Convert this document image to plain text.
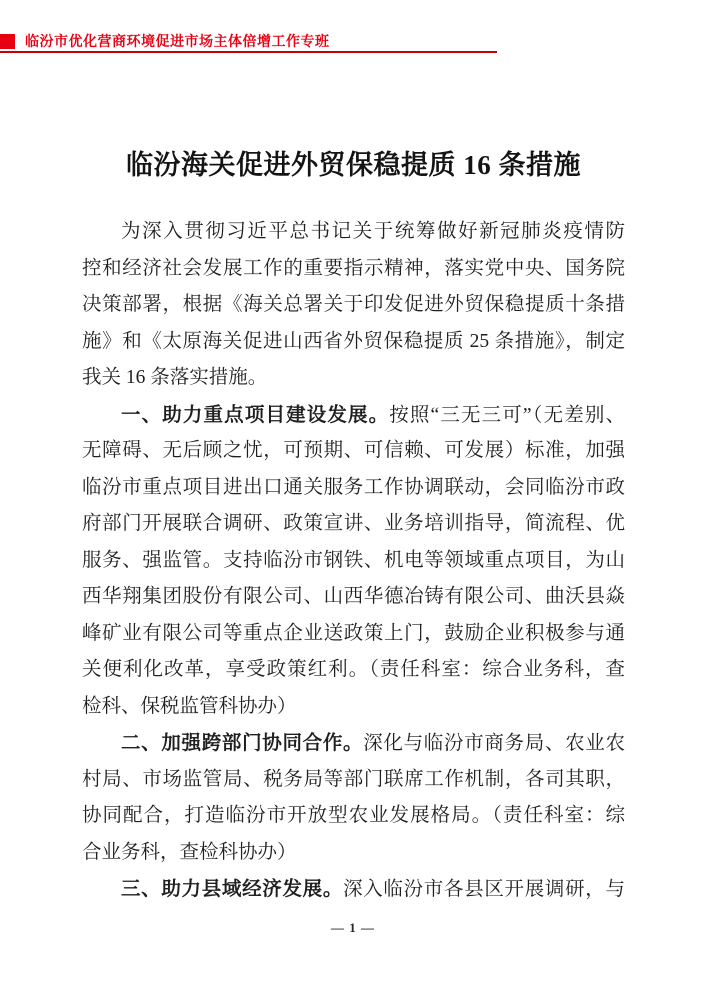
临汾市优化营商环境促进市场主体倍增工作专班
临汾海关促进外贸保稳提质 16 条措施
为深入贯彻习近平总书记关于统筹做好新冠肺炎疫情防
控和经济社会发展工作的重要指示精神，落实党中央、国务院
决策部署，根据《海关总署关于印发促进外贸保稳提质十条措
施》和《太原海关促进山西省外贸保稳提质 25 条措施》，制定
我关 16 条落实措施。
一、助力重点项目建设发展。按照“三无三可”（无差别、
无障碍、无后顾之忧，可预期、可信赖、可发展）标准，加强
临汾市重点项目进出口通关服务工作协调联动，会同临汾市政
府部门开展联合调研、政策宣讲、业务培训指导，简流程、优
服务、强监管。支持临汾市钢铁、机电等领域重点项目，为山
西华翔集团股份有限公司、山西华德冶铸有限公司、曲沃县焱
峰矿业有限公司等重点企业送政策上门，鼓励企业积极参与通
关便利化改革，享受政策红利。（责任科室：综合业务科，查
检科、保税监管科协办）
二、加强跨部门协同合作。深化与临汾市商务局、农业农
村局、市场监管局、税务局等部门联席工作机制，各司其职，
协同配合，打造临汾市开放型农业发展格局。（责任科室：综
合业务科，查检科协办）
三、助力县域经济发展。深入临汾市各县区开展调研，与
— 1 —
